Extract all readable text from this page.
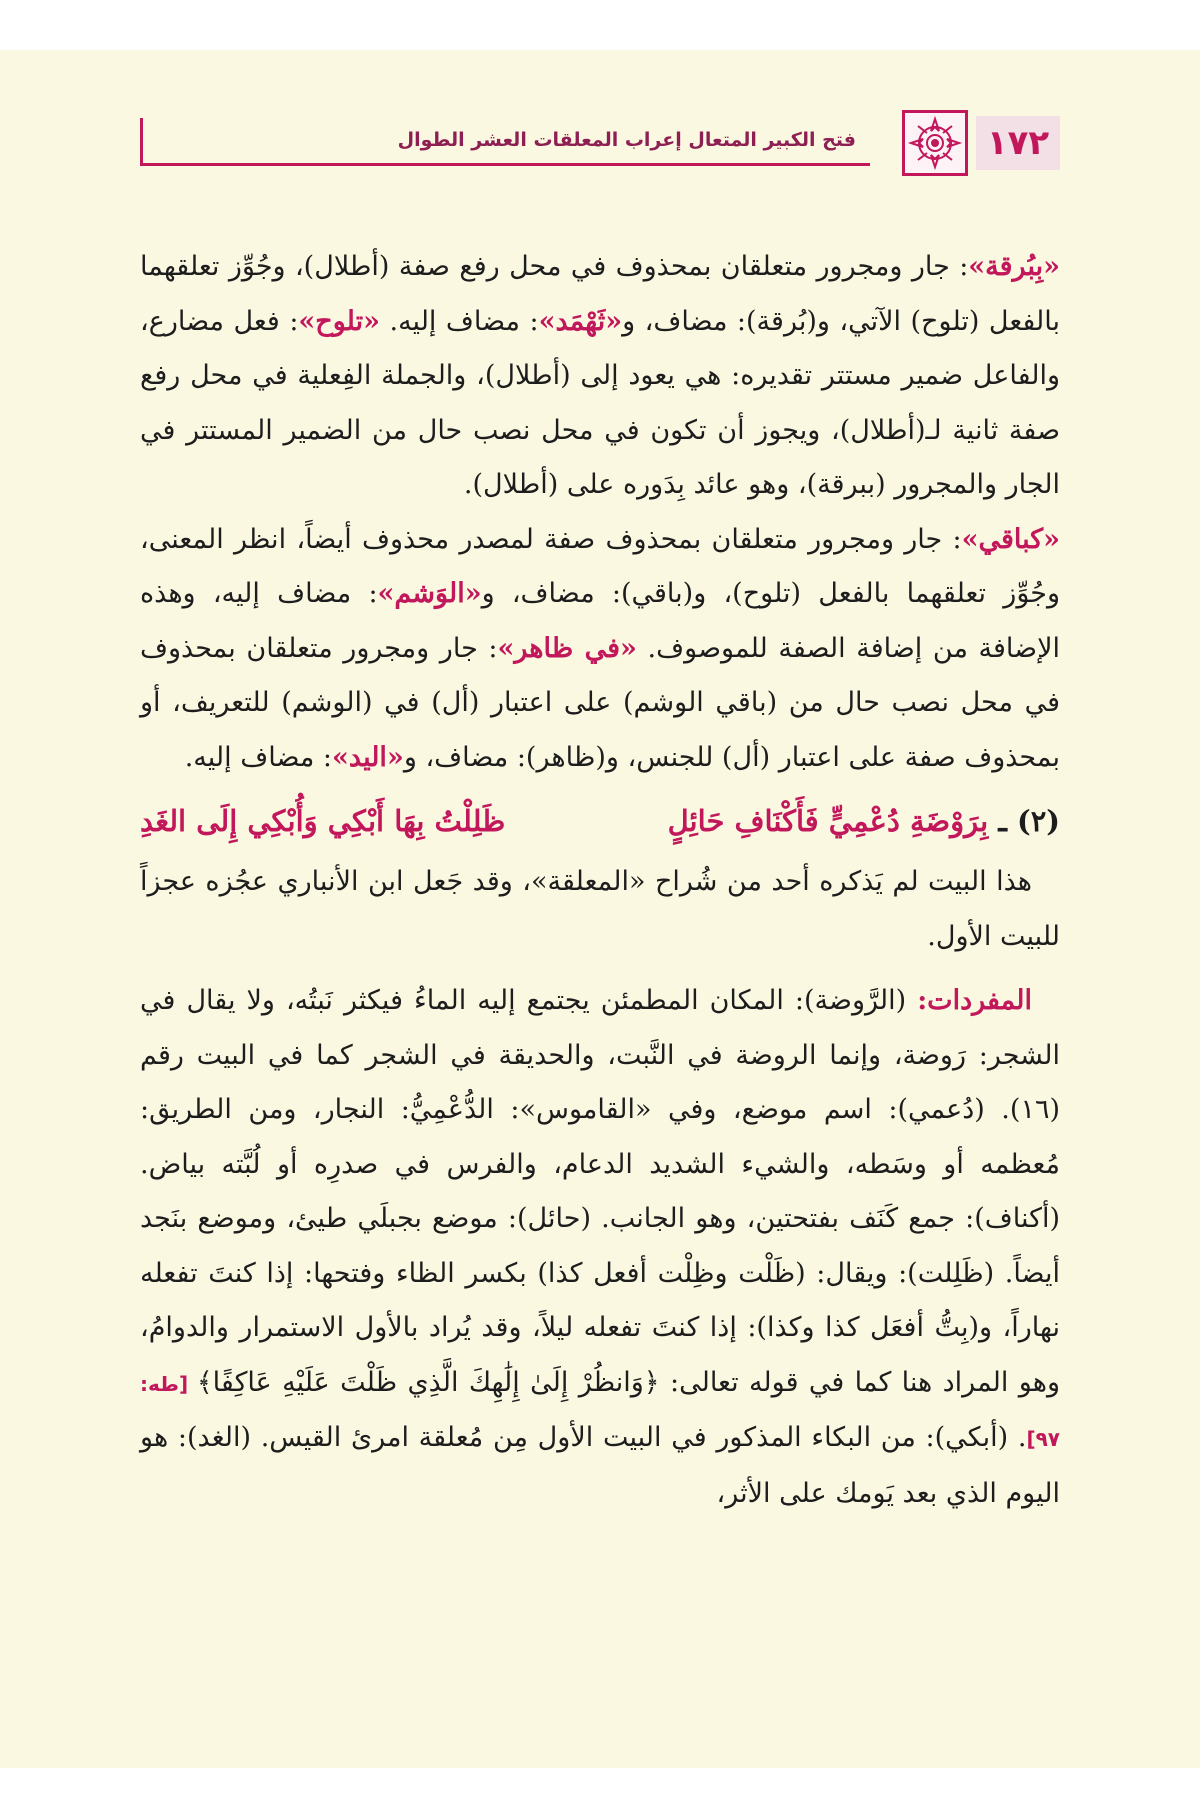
١٧٢
فتح الكبير المتعال إعراب المعلقات العشر الطوال

«بِبُرقة»: جار ومجرور متعلقان بمحذوف في محل رفع صفة (أطلال)، وجُوِّز تعلقهما بالفعل (تلوح) الآتي، و(بُرقة): مضاف، و«ثَهْمَد»: مضاف إليه. «تلوح»: فعل مضارع، والفاعل ضمير مستتر تقديره: هي يعود إلى (أطلال)، والجملة الفِعلية في محل رفع صفة ثانية لـ(أطلال)، ويجوز أن تكون في محل نصب حال من الضمير المستتر في الجار والمجرور (ببرقة)، وهو عائد بِدَوره على (أطلال).

«كباقي»: جار ومجرور متعلقان بمحذوف صفة لمصدر محذوف أيضاً، انظر المعنى، وجُوِّز تعلقهما بالفعل (تلوح)، و(باقي): مضاف، و«الوَشم»: مضاف إليه، وهذه الإضافة من إضافة الصفة للموصوف. «في ظاهر»: جار ومجرور متعلقان بمحذوف في محل نصب حال من (باقي الوشم) على اعتبار (أل) في (الوشم) للتعريف، أو بمحذوف صفة على اعتبار (أل) للجنس، و(ظاهر): مضاف، و«اليد»: مضاف إليه.

(٢) ـ بِرَوْضَةِ دُعْمِيٍّ فَأَكْنَافِ حَائِلٍ
ظَلِلْتُ بِهَا أَبْكِي وَأُبْكِي إِلَى الغَدِ

هذا البيت لم يَذكره أحد من شُراح «المعلقة»، وقد جَعل ابن الأنباري عجُزه عجزاً للبيت الأول.

المفردات: (الرَّوضة): المكان المطمئن يجتمع إليه الماءُ فيكثر نَبتُه، ولا يقال في الشجر: رَوضة، وإنما الروضة في النَّبت، والحديقة في الشجر كما في البيت رقم (١٦). (دُعمي): اسم موضع، وفي «القاموس»: الدُّعْمِيُّ: النجار، ومن الطريق: مُعظمه أو وسَطه، والشيء الشديد الدعام، والفرس في صدرِه أو لُبَّته بياض. (أكناف): جمع كَنَف بفتحتين، وهو الجانب. (حائل): موضع بجبلَي طيئ، وموضع بنَجد أيضاً. (ظَلِلت): ويقال: (ظَلْت وظِلْت أفعل كذا) بكسر الظاء وفتحها: إذا كنتَ تفعله نهاراً، و(بِتُّ أفعَل كذا وكذا): إذا كنتَ تفعله ليلاً، وقد يُراد بالأول الاستمرار والدوامُ، وهو المراد هنا كما في قوله تعالى: ﴿وَانظُرْ إِلَىٰ إِلَٰهِكَ الَّذِي ظَلْتَ عَلَيْهِ عَاكِفًا﴾ [طه: ٩٧]. (أبكي): من البكاء المذكور في البيت الأول مِن مُعلقة امرئ القيس. (الغد): هو اليوم الذي بعد يَومك على الأثر،
